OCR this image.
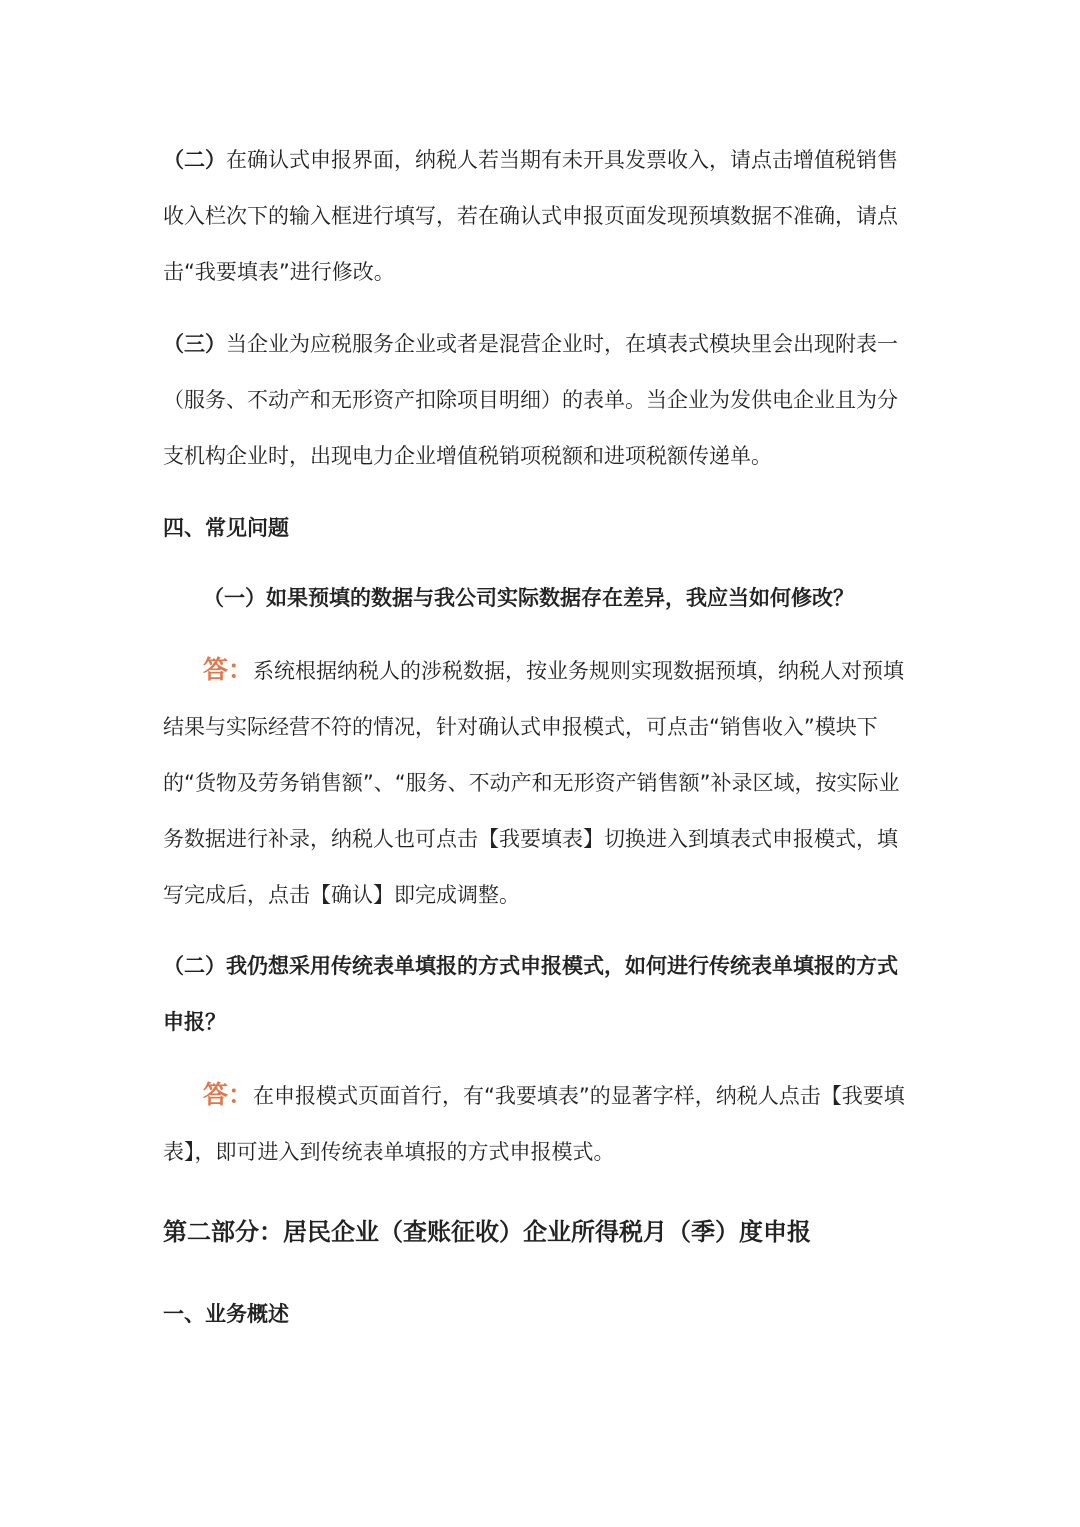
（二）在确认式申报界面，纳税人若当期有未开具发票收入，请点击增值税销售收入栏次下的输入框进行填写，若在确认式申报页面发现预填数据不准确，请点击“我要填表”进行修改。

（三）当企业为应税服务企业或者是混营企业时，在填表式模块里会出现附表一（服务、不动产和无形资产扣除项目明细）的表单。当企业为发供电企业且为分支机构企业时，出现电力企业增值税销项税额和进项税额传递单。

四、常见问题

（一）如果预填的数据与我公司实际数据存在差异，我应当如何修改？

答：系统根据纳税人的涉税数据，按业务规则实现数据预填，纳税人对预填结果与实际经营不符的情况，针对确认式申报模式，可点击“销售收入”模块下的“货物及劳务销售额”、“服务、不动产和无形资产销售额”补录区域，按实际业务数据进行补录，纳税人也可点击【我要填表】切换进入到填表式申报模式，填写完成后，点击【确认】即完成调整。

（二）我仍想采用传统表单填报的方式申报模式，如何进行传统表单填报的方式申报？

答：在申报模式页面首行，有“我要填表”的显著字样，纳税人点击【我要填表】，即可进入到传统表单填报的方式申报模式。

第二部分：居民企业（查账征收）企业所得税月（季）度申报

一、业务概述
